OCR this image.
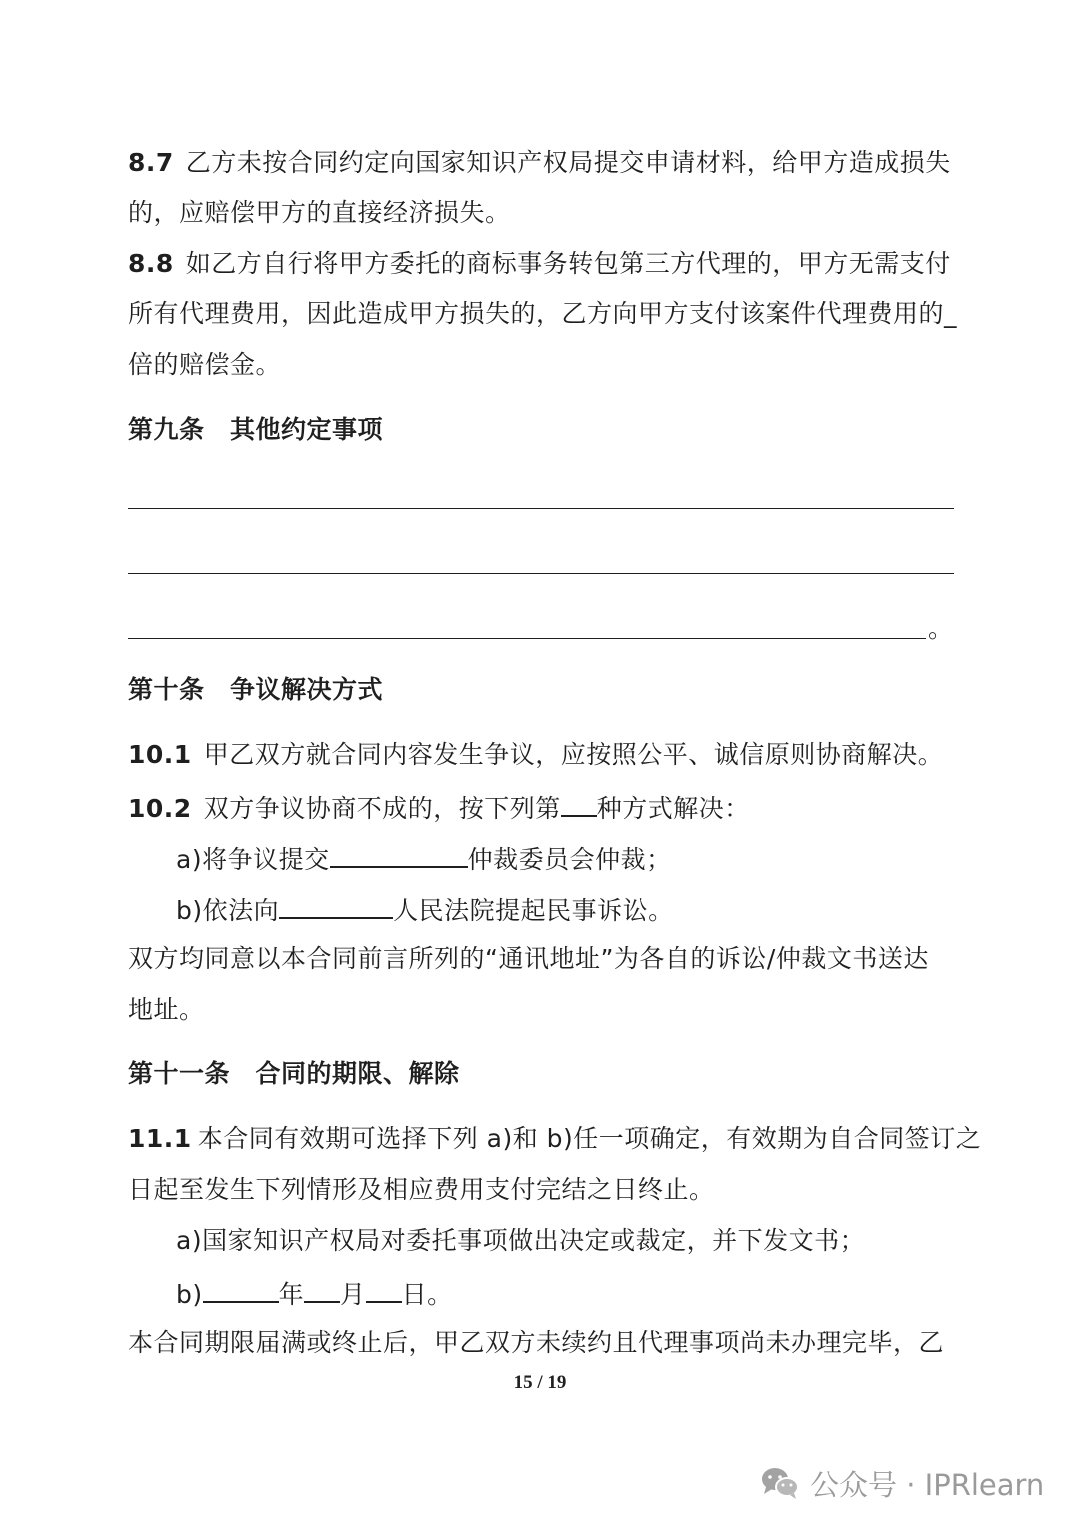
8.7 乙方未按合同约定向国家知识产权局提交申请材料，给甲方造成损失
的，应赔偿甲方的直接经济损失。
8.8 如乙方自行将甲方委托的商标事务转包第三方代理的，甲方无需支付
所有代理费用，因此造成甲方损失的，乙方向甲方支付该案件代理费用的_
倍的赔偿金。
第九条　其他约定事项
。
第十条　争议解决方式
10.1 甲乙双方就合同内容发生争议，应按照公平、诚信原则协商解决。
10.2 双方争议协商不成的，按下列第 种方式解决：
a)将争议提交	仲裁委员会仲裁；
b)依法向	人民法院提起民事诉讼。
双方均同意以本合同前言所列的“通讯地址”为各自的诉讼/仲裁文书送达
地址。
第十一条　合同的期限、解除
11.1 本合同有效期可选择下列 a)和 b)任一项确定，有效期为自合同签订之
日起至发生下列情形及相应费用支付完结之日终止。
a)国家知识产权局对委托事项做出决定或裁定，并下发文书；
b)	年 月 日。
本合同期限届满或终止后，甲乙双方未续约且代理事项尚未办理完毕，乙
15 / 19
公众号 · IPRlearn
